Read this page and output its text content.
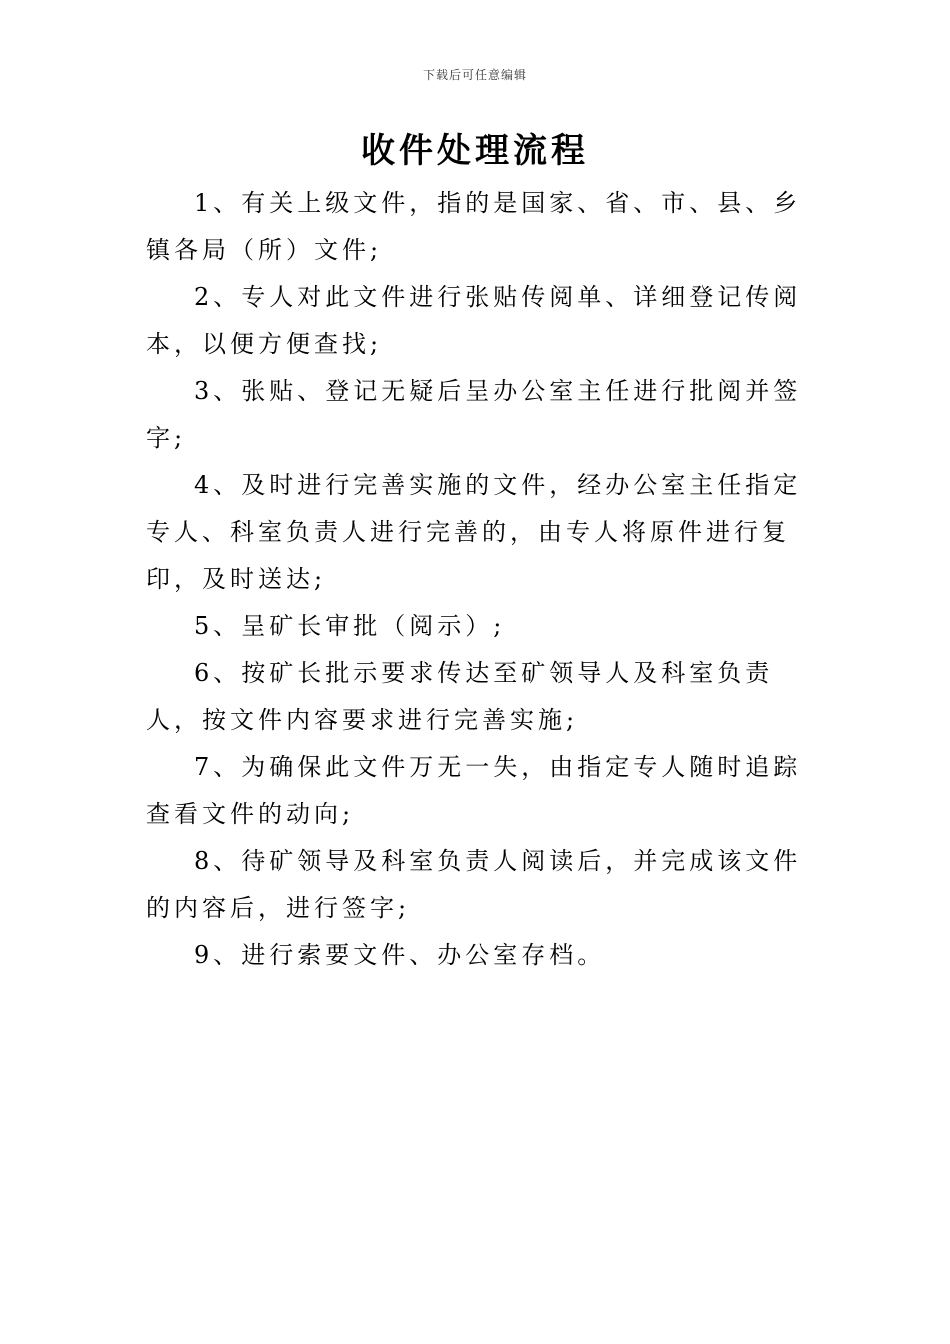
下载后可任意编辑
收件处理流程

1、有关上级文件，指的是国家、省、市、县、乡镇各局（所）文件;

2、专人对此文件进行张贴传阅单、详细登记传阅本，以便方便查找;

3、张贴、登记无疑后呈办公室主任进行批阅并签字;

4、及时进行完善实施的文件，经办公室主任指定专人、科室负责人进行完善的，由专人将原件进行复印，及时送达;

5、呈矿长审批（阅示）;

6、按矿长批示要求传达至矿领导人及科室负责人，按文件内容要求进行完善实施;

7、为确保此文件万无一失，由指定专人随时追踪查看文件的动向;

8、待矿领导及科室负责人阅读后，并完成该文件的内容后，进行签字;

9、进行索要文件、办公室存档。
